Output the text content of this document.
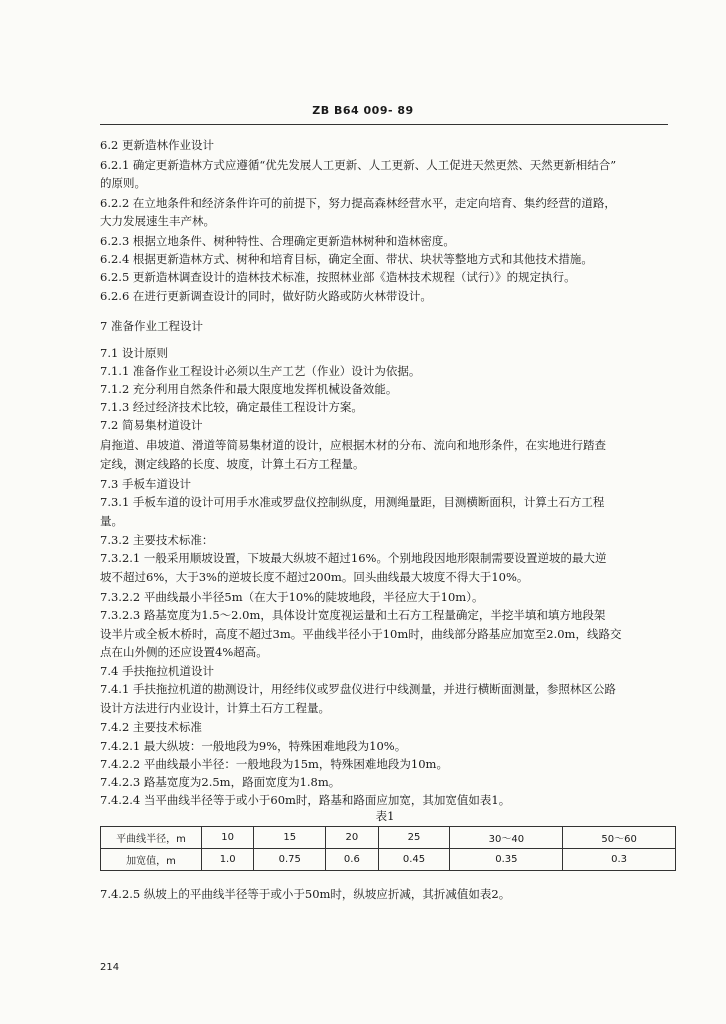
ZB B64 009- 89
6.2 更新造林作业设计
6.2.1 确定更新造林方式应遵循“优先发展人工更新、人工更新、人工促进天然更然、天然更新相结合”
的原则。
6.2.2 在立地条件和经济条件许可的前提下，努力提高森林经营水平，走定向培育、集约经营的道路，
大力发展速生丰产林。
6.2.3 根据立地条件、树种特性、合理确定更新造林树种和造林密度。
6.2.4 根据更新造林方式、树种和培育目标，确定全面、带状、块状等整地方式和其他技术措施。
6.2.5 更新造林调查设计的造林技术标准，按照林业部《造林技术规程（试行）》的规定执行。
6.2.6 在进行更新调查设计的同时，做好防火路或防火林带设计。
7 准备作业工程设计
7.1 设计原则
7.1.1 准备作业工程设计必须以生产工艺（作业）设计为依据。
7.1.2 充分利用自然条件和最大限度地发挥机械设备效能。
7.1.3 经过经济技术比较，确定最佳工程设计方案。
7.2 简易集材道设计
肩拖道、串坡道、滑道等简易集材道的设计，应根据木材的分布、流向和地形条件，在实地进行踏查
定线，测定线路的长度、坡度，计算土石方工程量。
7.3 手板车道设计
7.3.1 手板车道的设计可用手水准或罗盘仪控制纵度，用测绳量距，目测横断面积，计算土石方工程
量。
7.3.2 主要技术标准：
7.3.2.1 一般采用顺坡设置，下坡最大纵坡不超过16%。个别地段因地形限制需要设置逆坡的最大逆
坡不超过6%，大于3%的逆坡长度不超过200m。回头曲线最大坡度不得大于10%。
7.3.2.2 平曲线最小半径5m（在大于10%的陡坡地段，半径应大于10m）。
7.3.2.3 路基宽度为1.5～2.0m，具体设计宽度视运量和土石方工程量确定，半挖半填和填方地段架
设半片或全板木桥时，高度不超过3m。平曲线半径小于10m时，曲线部分路基应加宽至2.0m，线路交
点在山外侧的还应设置4%超高。
7.4 手扶拖拉机道设计
7.4.1 手扶拖拉机道的勘测设计，用经纬仪或罗盘仪进行中线测量，并进行横断面测量，参照林区公路
设计方法进行内业设计，计算土石方工程量。
7.4.2 主要技术标准
7.4.2.1 最大纵坡：一般地段为9%，特殊困难地段为10%。
7.4.2.2 平曲线最小半径：一般地段为15m，特殊困难地段为10m。
7.4.2.3 路基宽度为2.5m，路面宽度为1.8m。
7.4.2.4 当平曲线半径等于或小于60m时，路基和路面应加宽，其加宽值如表1。
7.4.2.5 纵坡上的平曲线半径等于或小于50m时，纵坡应折减，其折减值如表2。
表1
平曲线半径，m	10	15	20	25	30～40	50～60
加宽值，m	1.0	0.75	0.6	0.45	0.35	0.3
214
